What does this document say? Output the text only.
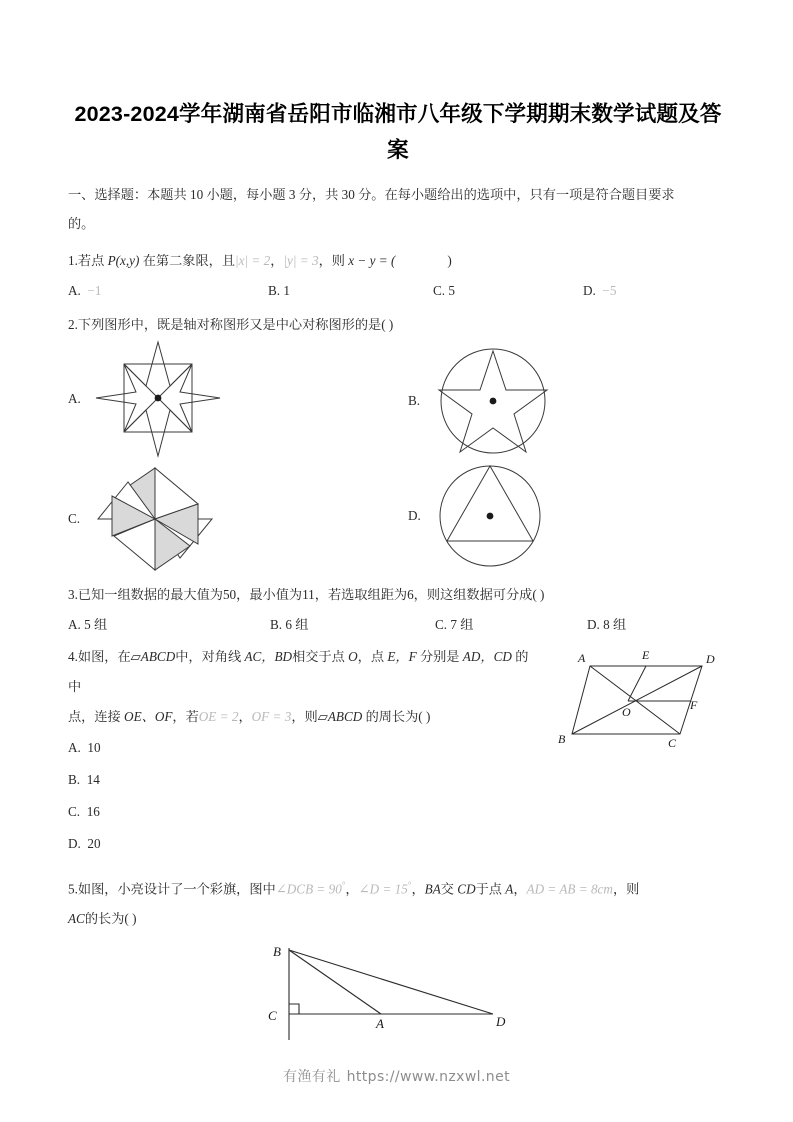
2023-2024学年湖南省岳阳市临湘市八年级下学期期末数学试题及答案

一、选择题：本题共 10 小题，每小题 3 分，共 30 分。在每小题给出的选项中，只有一项是符合题目要求

的。

1.若点 P(x,y) 在第二象限，且|x| = 2，|y| = 3，则 x − y = (	)

A. −1	B. 1	C. 5	D. −5

2.下列图形中，既是轴对称图形又是中心对称图形的是( )

A.	B.
C.	D.

3.已知一组数据的最大值为50，最小值为11，若选取组距为6，则这组数据可分成( )

A. 5 组	B. 6 组	C. 7 组	D. 8 组
A	E	D
O	F
B	C

4.如图，在▱ABCD中，对角线 AC，BD相交于点 O，点 E，F 分别是 AD，CD 的中

点，连接 OE、OF，若OE = 2，OF = 3，则▱ABCD 的周长为( )

A. 10
B. 14
C. 16
D. 20

5.如图，小亮设计了一个彩旗，图中∠DCB = 90°，∠D = 15°，BA交 CD于点 A，AD = AB = 8cm，则

AC的长为( )

B
C
A	D
有渔有礼 https://www.nzxwl.net
